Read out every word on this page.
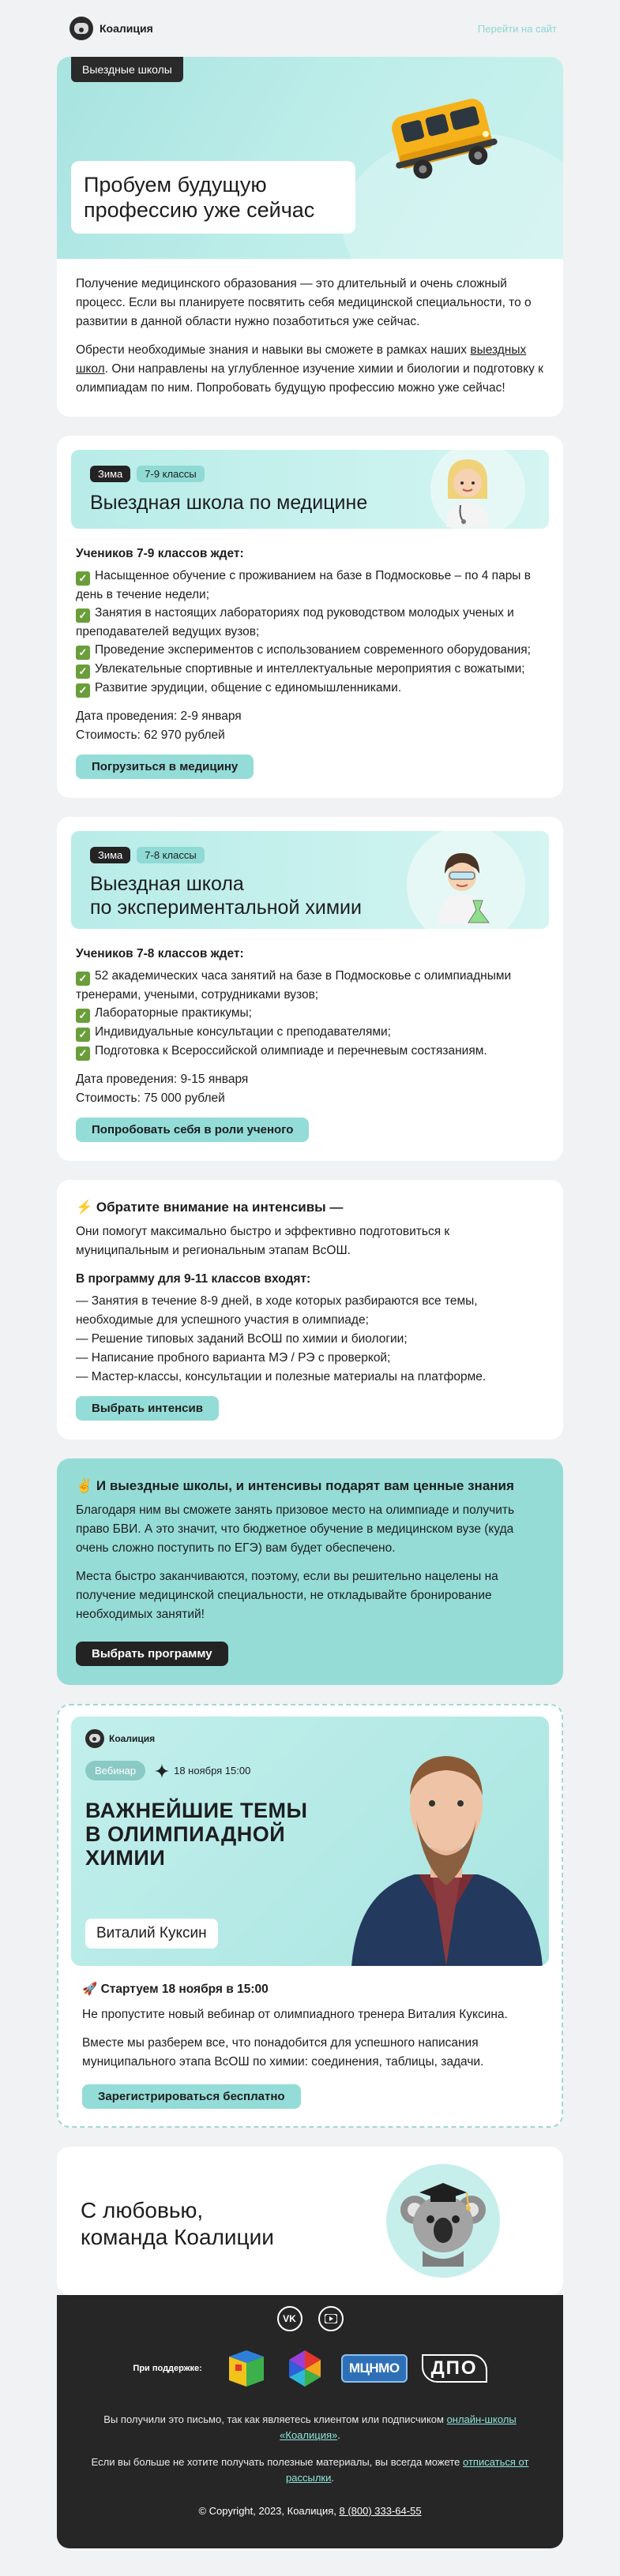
Коалиция	Перейти на сайт
Выездные школы
Пробуем будущую профессию уже сейчас

Получение медицинского образования — это длительный и очень сложный процесс. Если вы планируете посвятить себя медицинской специальности, то о развитии в данной области нужно позаботиться уже сейчас.

Обрести необходимые знания и навыки вы сможете в рамках наших выездных школ. Они направлены на углубленное изучение химии и биологии и подготовку к олимпиадам по ним. Попробовать будущую профессию можно уже сейчас!

Зима	7-9 классы
Выездная школа по медицине
Учеников 7-9 классов ждет:
✓ Насыщенное обучение с проживанием на базе в Подмосковье – по 4 пары в день в течение недели;
✓ Занятия в настоящих лабораториях под руководством молодых ученых и преподавателей ведущих вузов;
✓ Проведение экспериментов с использованием современного оборудования;
✓ Увлекательные спортивные и интеллектуальные мероприятия с вожатыми;
✓ Развитие эрудиции, общение с единомышленниками.
Дата проведения: 2-9 января
Стоимость: 62 970 рублей
Погрузиться в медицину
Зима	7-8 классы
Выездная школа
по экспериментальной химии
Учеников 7-8 классов ждет:
✓ 52 академических часа занятий на базе в Подмосковье с олимпиадными тренерами, учеными, сотрудниками вузов;
✓ Лабораторные практикумы;
✓ Индивидуальные консультации с преподавателями;
✓ Подготовка к Всероссийской олимпиаде и перечневым состязаниям.
Дата проведения: 9-15 января
Стоимость: 75 000 рублей
Попробовать себя в роли ученого
⚡ Обратите внимание на интенсивы —

Они помогут максимально быстро и эффективно подготовиться к муниципальным и региональным этапам ВсОШ.

В программу для 9-11 классов входят:
— Занятия в течение 8-9 дней, в ходе которых разбираются все темы, необходимые для успешного участия в олимпиаде;
— Решение типовых заданий ВсОШ по химии и биологии;
— Написание пробного варианта МЭ / РЭ с проверкой;
— Мастер-классы, консультации и полезные материалы на платформе.
Выбрать интенсив
✌️ И выездные школы, и интенсивы подарят вам ценные знания

Благодаря ним вы сможете занять призовое место на олимпиаде и получить право БВИ. А это значит, что бюджетное обучение в медицинском вузе (куда очень сложно поступить по ЕГЭ) вам будет обеспечено.

Места быстро заканчиваются, поэтому, если вы решительно нацелены на получение медицинской специальности, не откладывайте бронирование необходимых занятий!

Выбрать программу
Коалиция
Вебинар	18 ноября 15:00
ВАЖНЕЙШИЕ ТЕМЫ В ОЛИМПИАДНОЙ ХИМИИ
Виталий Куксин
🚀 Стартуем 18 ноября в 15:00

Не пропустите новый вебинар от олимпиадного тренера Виталия Куксина.

Вместе мы разберем все, что понадобится для успешного написания муниципального этапа ВсОШ по химии: соединения, таблицы, задачи.

Зарегистрироваться бесплатно
С любовью,
команда Коалиции
VK
При поддержке:	МЦНМО	ДПО

Вы получили это письмо, так как являетесь клиентом или подписчиком онлайн-школы «Коалиция».

Если вы больше не хотите получать полезные материалы, вы всегда можете отписаться от рассылки.

© Copyright, 2023, Коалиция, 8 (800) 333-64-55
